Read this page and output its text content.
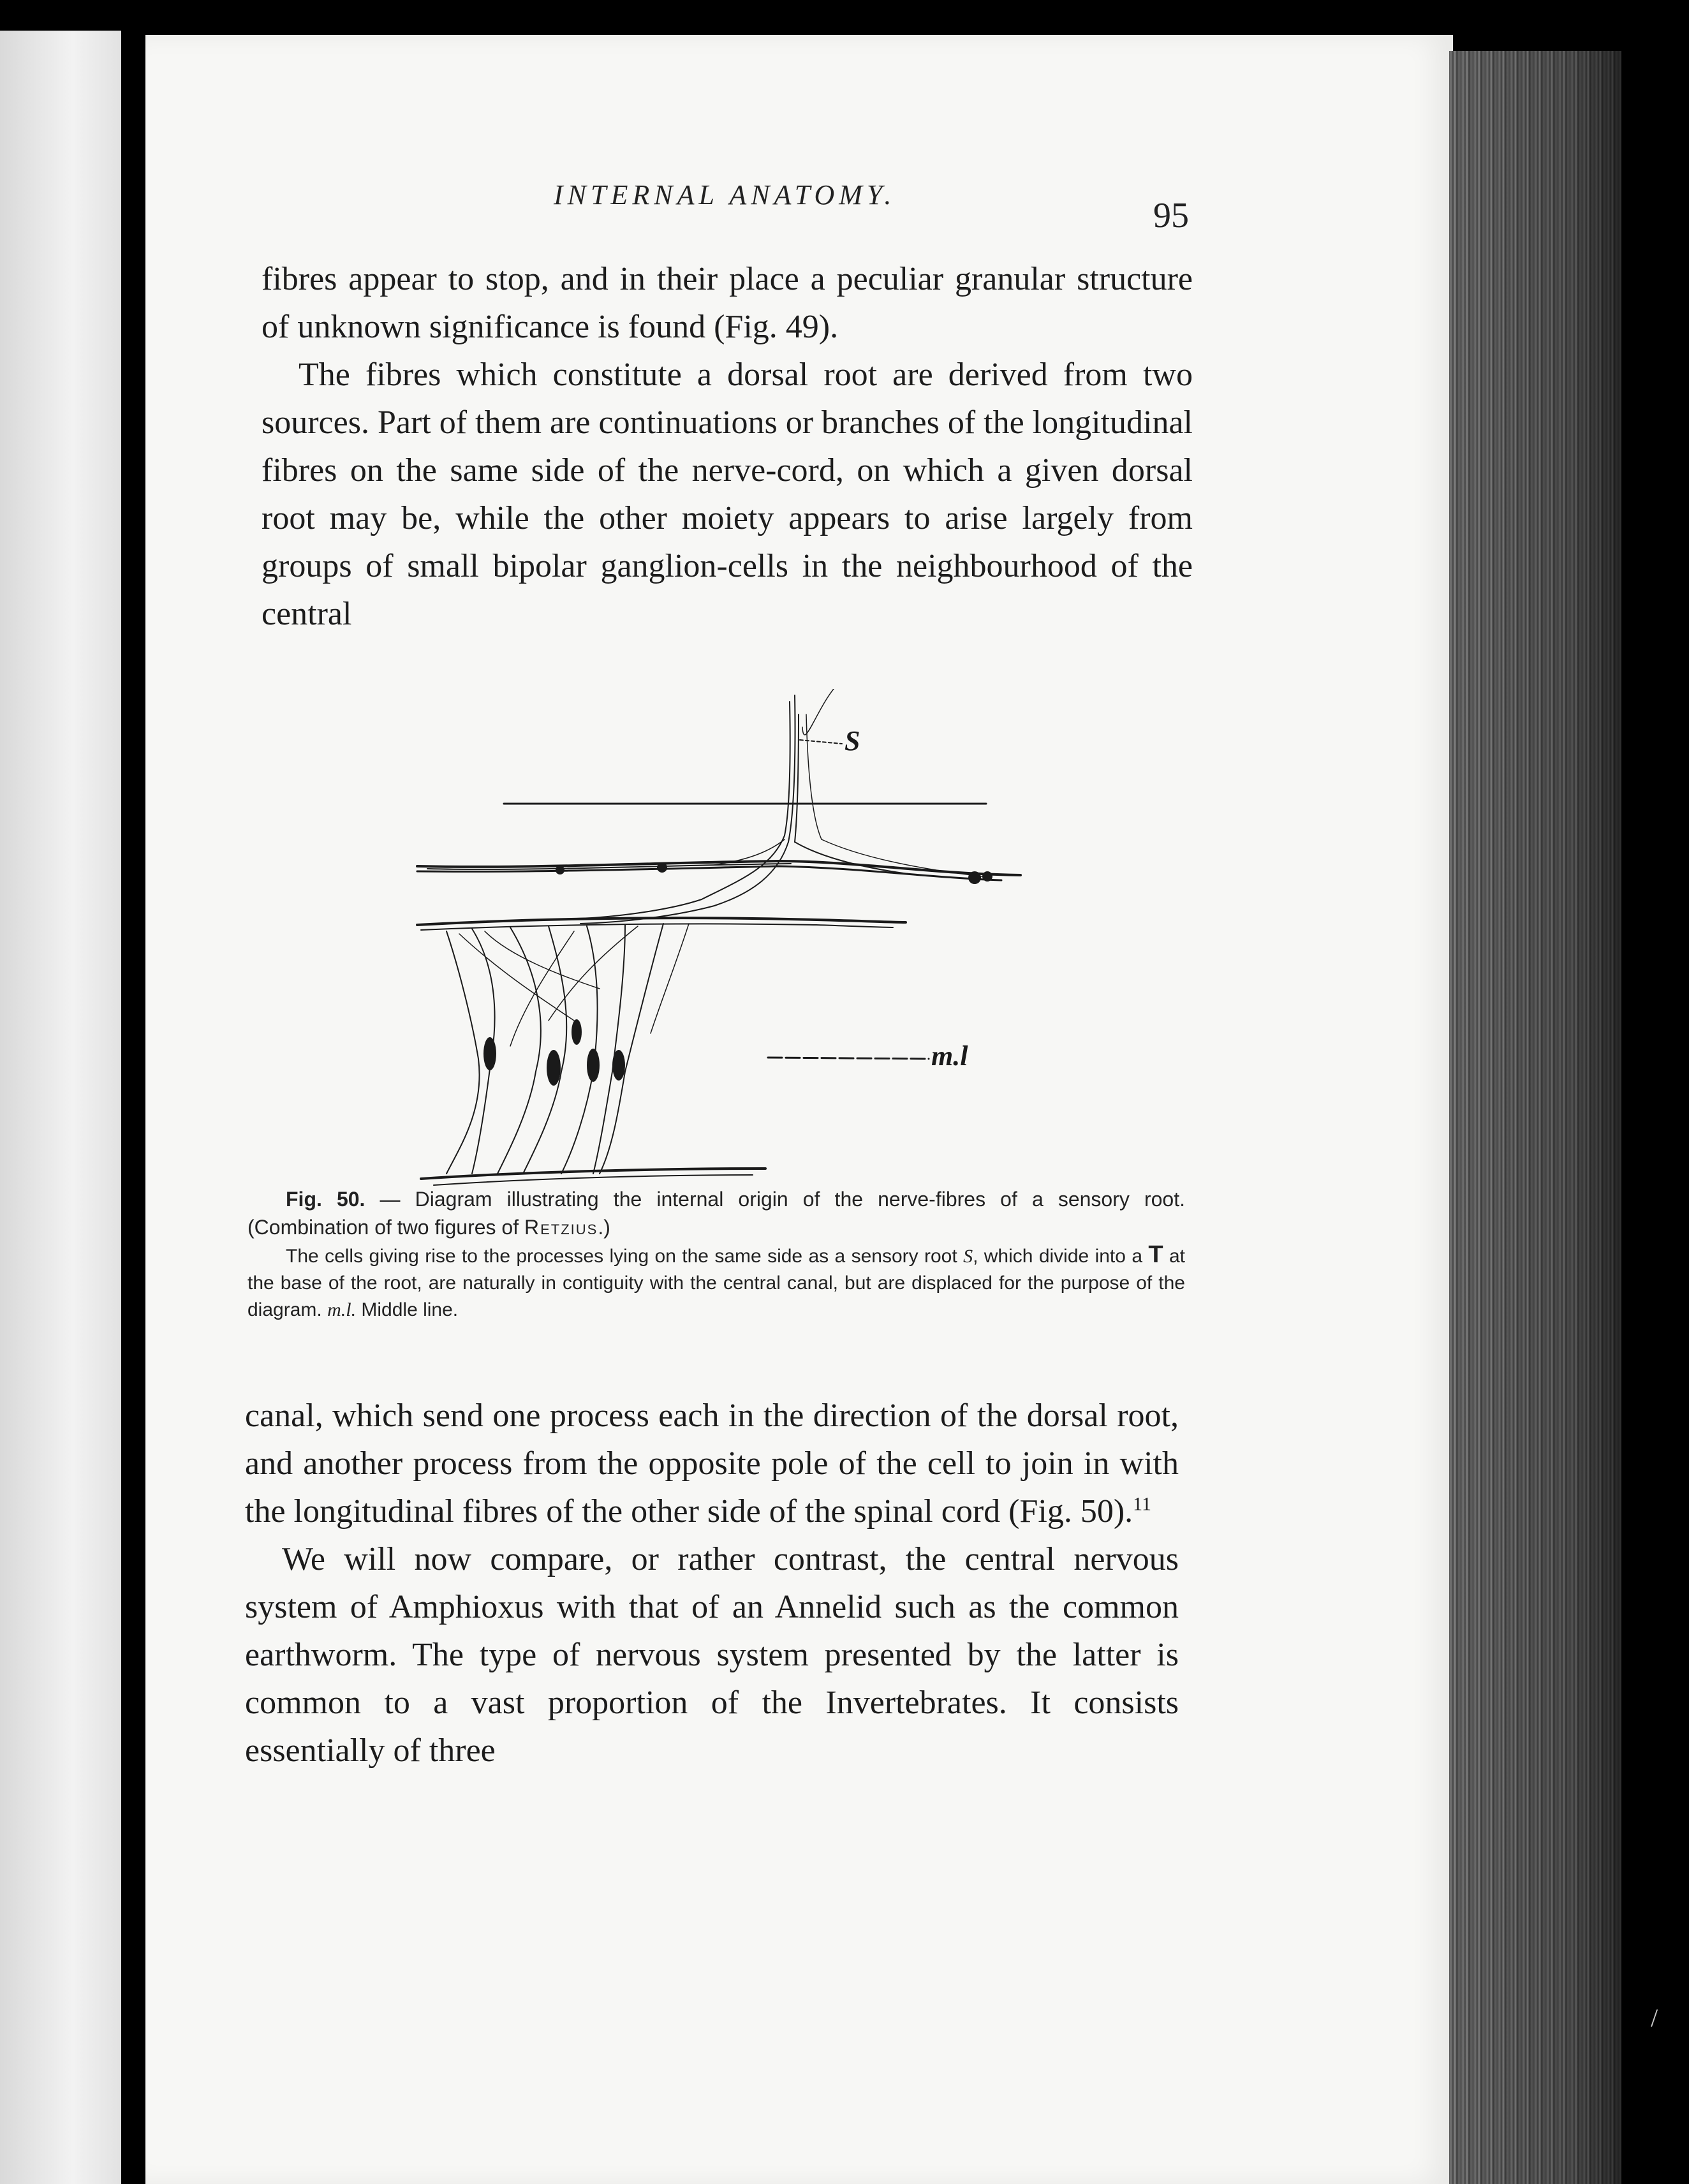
INTERNAL ANATOMY.
95

fibres appear to stop, and in their place a peculiar granular structure of unknown significance is found (Fig. 49).

The fibres which constitute a dorsal root are derived from two sources. Part of them are continuations or branches of the longitudinal fibres on the same side of the nerve-cord, on which a given dorsal root may be, while the other moiety appears to arise largely from groups of small bipolar ganglion-cells in the neighbourhood of the central

S
m.l

Fig. 50. — Diagram illustrating the internal origin of the nerve-fibres of a sensory root. (Combination of two figures of Retzius.)

The cells giving rise to the processes lying on the same side as a sensory root S, which divide into a T at the base of the root, are naturally in contiguity with the central canal, but are displaced for the purpose of the diagram. m.l. Middle line.

canal, which send one process each in the direction of the dorsal root, and another process from the opposite pole of the cell to join in with the longitudinal fibres of the other side of the spinal cord (Fig. 50).$^{11}$

We will now compare, or rather contrast, the central nervous system of Amphioxus with that of an Annelid such as the common earthworm. The type of nervous system presented by the latter is common to a vast proportion of the Invertebrates. It consists essentially of three

/
